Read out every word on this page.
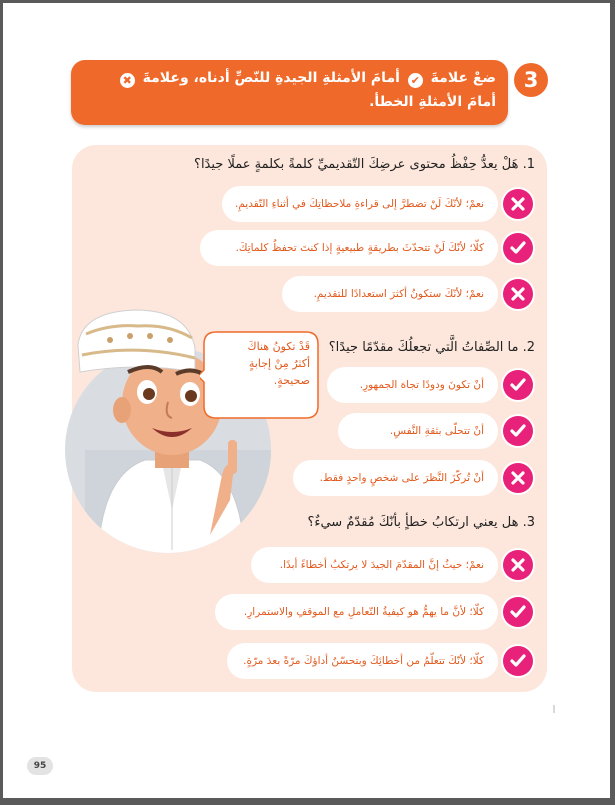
3
ضعْ علامةَ ✔ أمامَ الأمثلةِ الجيدةِ للنّصِّ أدناه، وعلامةَ ✖
أمامَ الأمثلةِ الخطأ.
قَدْ تكونُ هناكَ
أكثرُ مِنْ إجابةٍ
صحيحةٍ.
1. هَلْ يعدُّ حِفْظُ محتوى عرضِكَ التّقديميِّ كلمةً بكلمةٍ عملًا جيدًا؟
نعمْ؛ لأنّكَ لَنْ تضطرَّ إلى قراءةِ ملاحظاتِكَ في أثناءِ التّقديمِ.
كلّا؛ لأنّكَ لَنْ تتحدّثَ بطريقةٍ طبيعيةٍ إذا كنتَ تحفظُ كلماتِكَ.
نعمْ؛ لأنّكَ ستكونُ أكثرَ استعدادًا للتقديمِ.
2. ما الصِّفاتُ الَّتي تجعلُكَ مقدّمًا جيدًا؟
أنْ تكونَ ودودًا تجاهَ الجمهورِ.
أنْ تتحلّى بثقةِ النَّفسِ.
أنْ تُركّزَ النَّظرَ على شخصٍ واحدٍ فقط.
3. هل يعني ارتكابُ خطأٍ بأنّكَ مُقدّمٌ سيءٌ؟
نعمْ؛ حيثُ إنَّ المقدّمَ الجيدَ لا يرتكبُ أخطاءً أبدًا.
كلّا؛ لأنَّ ما يهمُّ هو كيفيةُ التّعاملِ مع الموقفِ والاستمرارِ.
كلّا؛ لأنّكَ تتعلّمُ من أخطائِكَ وبتحسّنُ أداؤكَ مرّةً بعدَ مرّةٍ.
95
